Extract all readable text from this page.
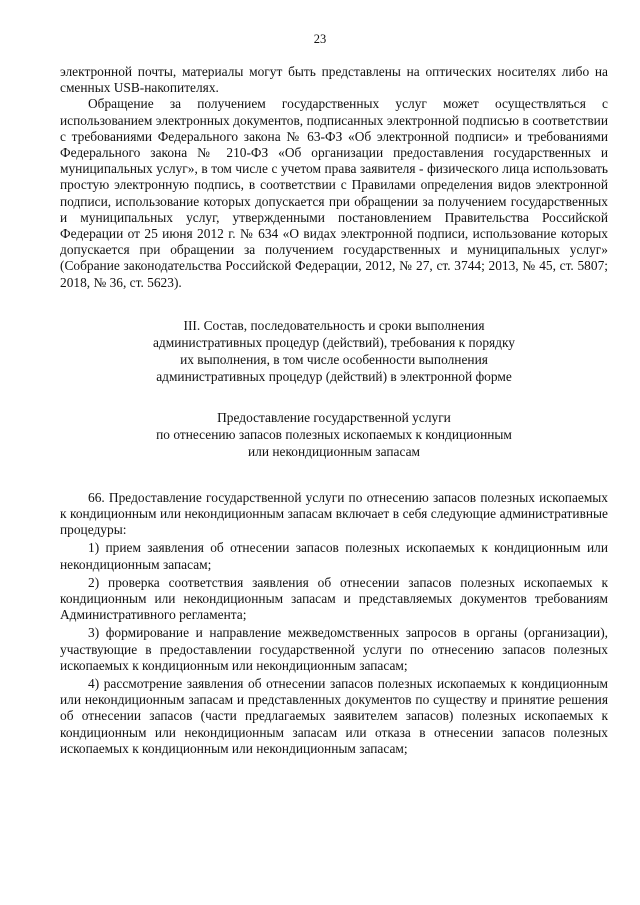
23

электронной почты, материалы могут быть представлены на оптических носителях либо на сменных USB-накопителях.

Обращение за получением государственных услуг может осуществляться с использованием электронных документов, подписанных электронной подписью в соответствии с требованиями Федерального закона № 63-ФЗ «Об электронной подписи» и требованиями Федерального закона № 210-ФЗ «Об организации предоставления государственных и муниципальных услуг», в том числе с учетом права заявителя - физического лица использовать простую электронную подпись, в соответствии с Правилами определения видов электронной подписи, использование которых допускается при обращении за получением государственных и муниципальных услуг, утвержденными постановлением Правительства Российской Федерации от 25 июня 2012 г. № 634 «О видах электронной подписи, использование которых допускается при обращении за получением государственных и муниципальных услуг» (Собрание законодательства Российской Федерации, 2012, № 27, ст. 3744; 2013, № 45, ст. 5807; 2018, № 36, ст. 5623).

III. Состав, последовательность и сроки выполнения
административных процедур (действий), требования к порядку
их выполнения, в том числе особенности выполнения
административных процедур (действий) в электронной форме
Предоставление государственной услуги
по отнесению запасов полезных ископаемых к кондиционным
или некондиционным запасам

66. Предоставление государственной услуги по отнесению запасов полезных ископаемых к кондиционным или некондиционным запасам включает в себя следующие административные процедуры:

1) прием заявления об отнесении запасов полезных ископаемых к кондиционным или некондиционным запасам;

2) проверка соответствия заявления об отнесении запасов полезных ископаемых к кондиционным или некондиционным запасам и представляемых документов требованиям Административного регламента;

3) формирование и направление межведомственных запросов в органы (организации), участвующие в предоставлении государственной услуги по отнесению запасов полезных ископаемых к кондиционным или некондиционным запасам;

4) рассмотрение заявления об отнесении запасов полезных ископаемых к кондиционным или некондиционным запасам и представленных документов по существу и принятие решения об отнесении запасов (части предлагаемых заявителем запасов) полезных ископаемых к кондиционным или некондиционным запасам или отказа в отнесении запасов полезных ископаемых к кондиционным или некондиционным запасам;
